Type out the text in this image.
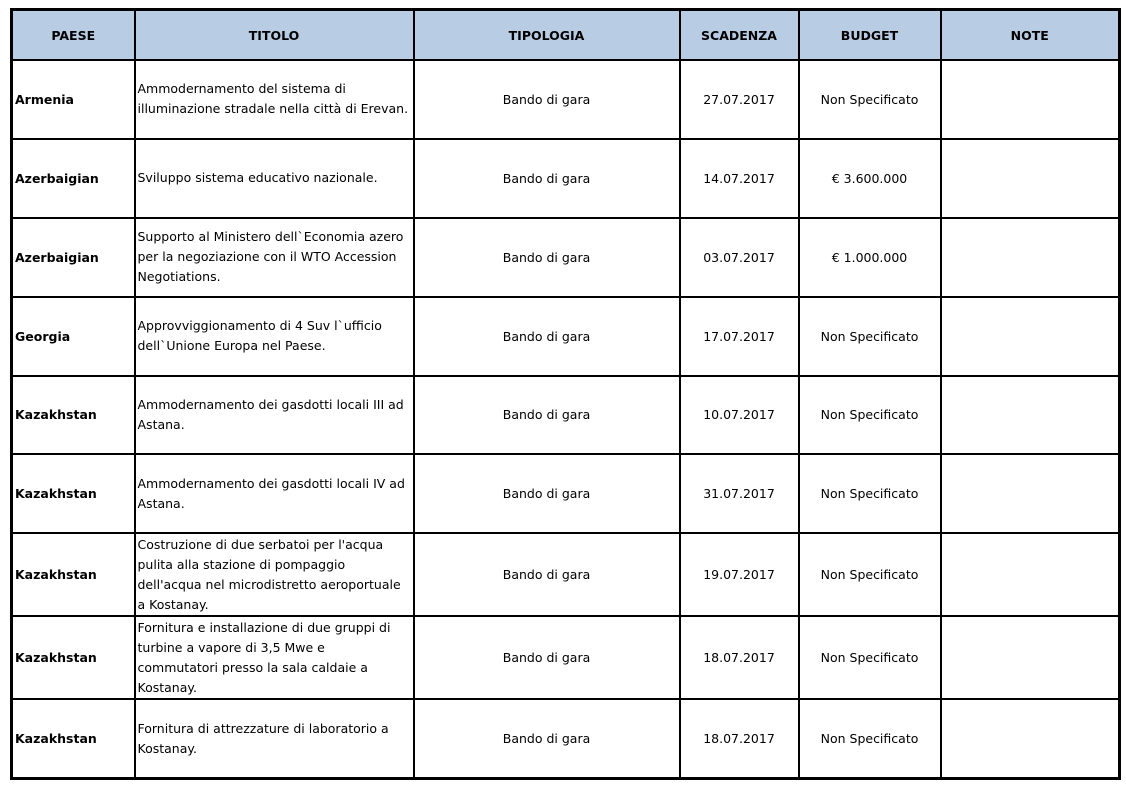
PAESE	TITOLO	TIPOLOGIA	SCADENZA	BUDGET	NOTE
Armenia	Ammodernamento del sistema di illuminazione stradale nella città di Erevan.	Bando di gara	27.07.2017	Non Specificato	
Azerbaigian	Sviluppo sistema educativo nazionale.	Bando di gara	14.07.2017	€ 3.600.000	
Azerbaigian	Supporto al Ministero dell`Economia azero per la negoziazione con il WTO Accession Negotiations.	Bando di gara	03.07.2017	€ 1.000.000	
Georgia	Approvviggionamento di 4 Suv l`ufficio dell`Unione Europa nel Paese.	Bando di gara	17.07.2017	Non Specificato	
Kazakhstan	Ammodernamento dei gasdotti locali III ad Astana.	Bando di gara	10.07.2017	Non Specificato	
Kazakhstan	Ammodernamento dei gasdotti locali IV ad Astana.	Bando di gara	31.07.2017	Non Specificato	
Kazakhstan	Costruzione di due serbatoi per l'acqua pulita alla stazione di pompaggio dell'acqua nel microdistretto aeroportuale a Kostanay.	Bando di gara	19.07.2017	Non Specificato	
Kazakhstan	Fornitura e installazione di due gruppi di turbine a vapore di 3,5 Mwe e commutatori presso la sala caldaie a Kostanay.	Bando di gara	18.07.2017	Non Specificato	
Kazakhstan	Fornitura di attrezzature di laboratorio a Kostanay.	Bando di gara	18.07.2017	Non Specificato	
